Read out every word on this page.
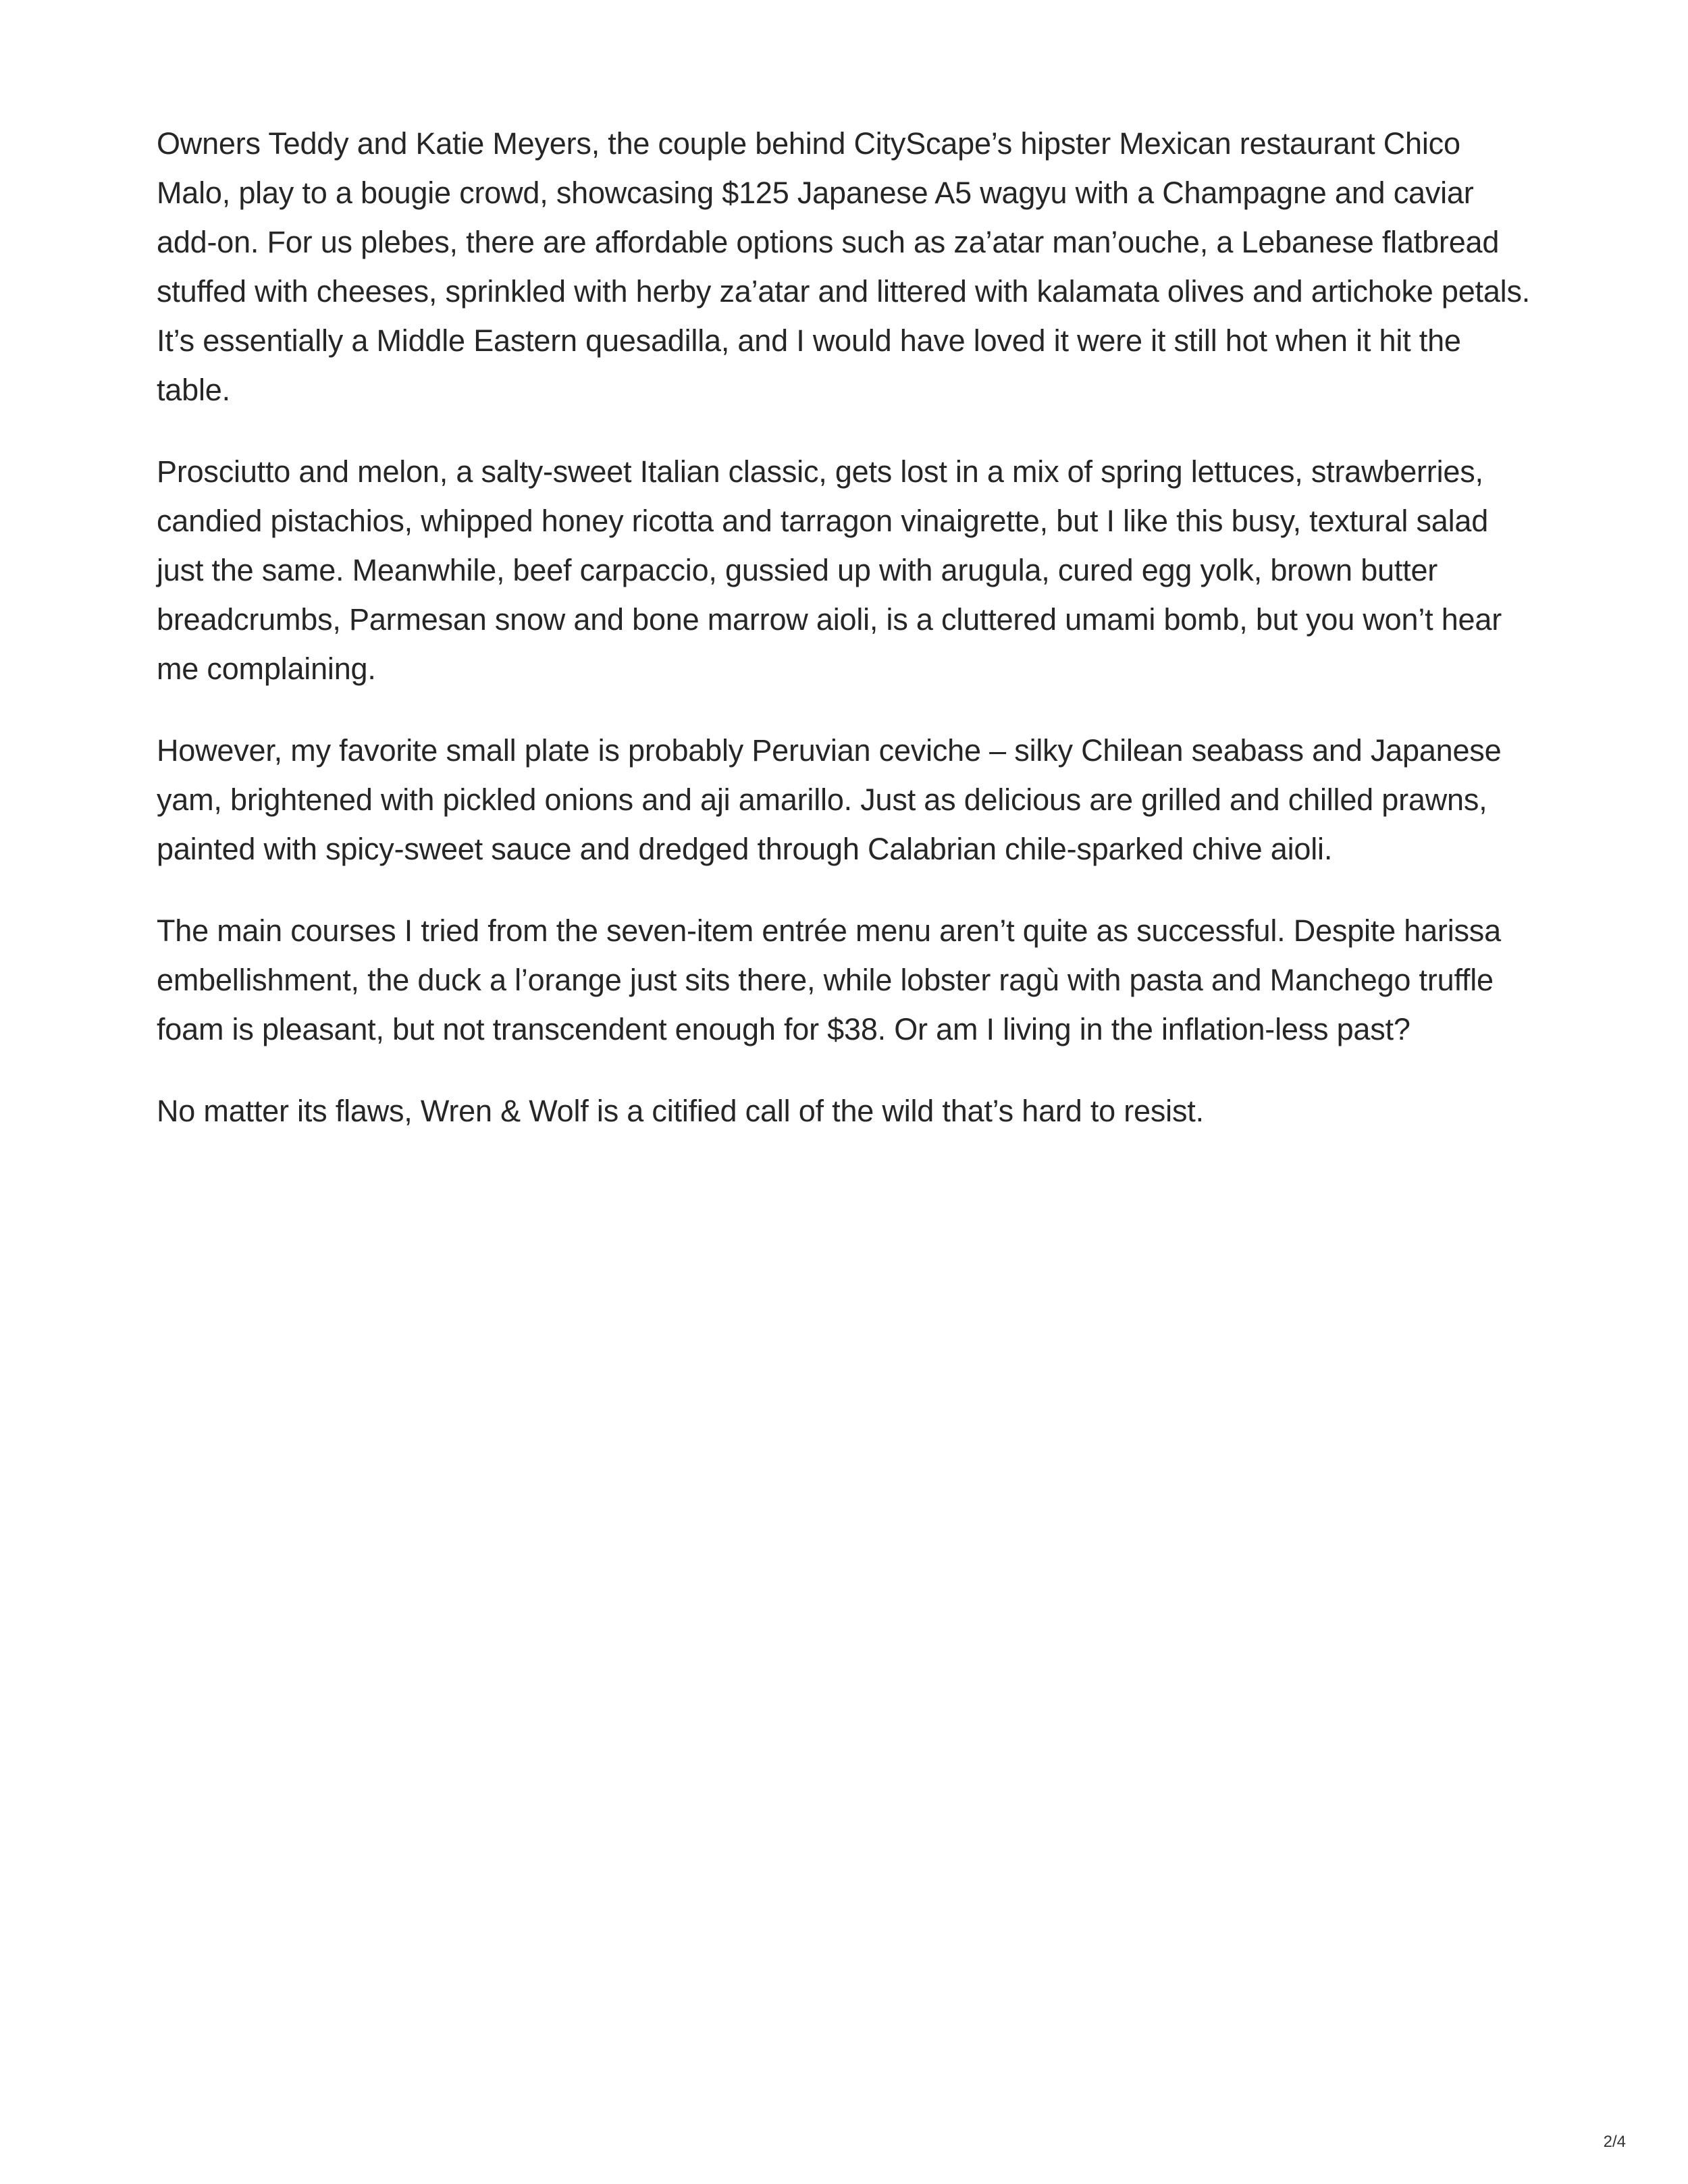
Owners Teddy and Katie Meyers, the couple behind CityScape’s hipster Mexican restaurant Chico Malo, play to a bougie crowd, showcasing $125 Japanese A5 wagyu with a Champagne and caviar add-on. For us plebes, there are affordable options such as za’atar man’ouche, a Lebanese flatbread stuffed with cheeses, sprinkled with herby za’atar and littered with kalamata olives and artichoke petals. It’s essentially a Middle Eastern quesadilla, and I would have loved it were it still hot when it hit the table.

Prosciutto and melon, a salty-sweet Italian classic, gets lost in a mix of spring lettuces, strawberries, candied pistachios, whipped honey ricotta and tarragon vinaigrette, but I like this busy, textural salad just the same. Meanwhile, beef carpaccio, gussied up with arugula, cured egg yolk, brown butter breadcrumbs, Parmesan snow and bone marrow aioli, is a cluttered umami bomb, but you won’t hear me complaining.

However, my favorite small plate is probably Peruvian ceviche – silky Chilean seabass and Japanese yam, brightened with pickled onions and aji amarillo. Just as delicious are grilled and chilled prawns, painted with spicy-sweet sauce and dredged through Calabrian chile-sparked chive aioli.

The main courses I tried from the seven-item entrée menu aren’t quite as successful. Despite harissa embellishment, the duck a l’orange just sits there, while lobster ragù with pasta and Manchego truffle foam is pleasant, but not transcendent enough for $38. Or am I living in the inflation-less past?

No matter its flaws, Wren & Wolf is a citified call of the wild that’s hard to resist.

2/4
